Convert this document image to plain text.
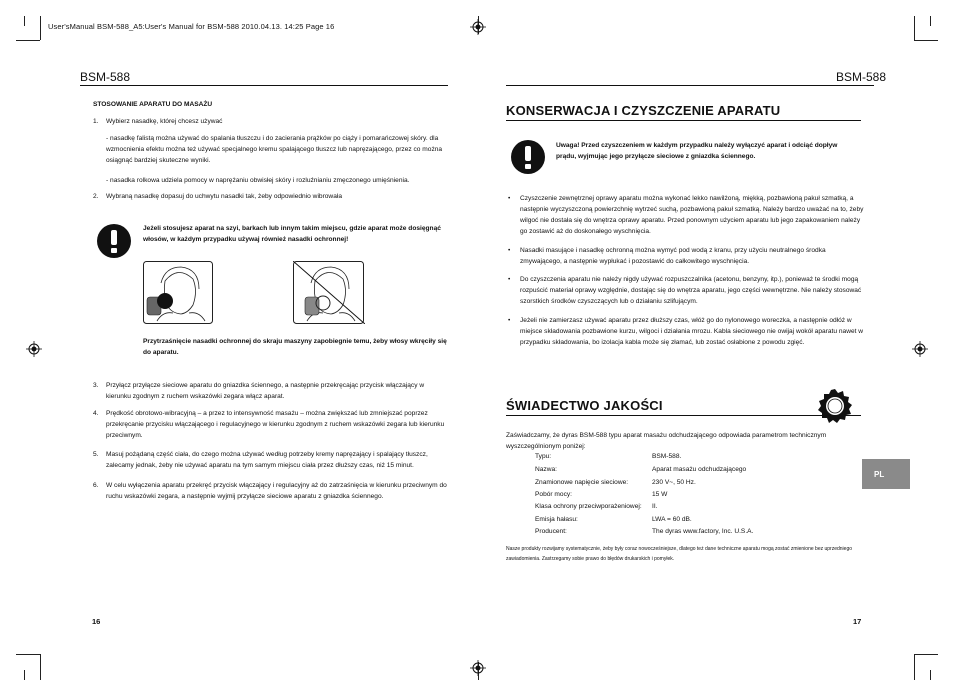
User'sManual BSM-588_A5:User's Manual for BSM-588 2010.04.13. 14:25 Page 16
BSM-588
STOSOWANIE APARATU DO MASAŻU
1. Wybierz nasadkę, której chcesz używać
- nasadkę falistą można używać do spalania tłuszczu i do zacierania prążków po ciąży i pomarańczowej skóry. dla wzmocnienia efektu można też używać specjalnego kremu spalającego tłuszcz lub napręzającego, przez co można osiągnąć bardziej skuteczne wyniki.
- nasadka rolkowa udziela pomocy w naprężaniu obwisłej skóry i rozluźnianiu zmęczonego umięśnienia.
2. Wybraną nasadkę dopasuj do uchwytu nasadki tak, żeby odpowiednio wibrowała
Jeżeli stosujesz aparat na szyi, barkach lub innym takim miejscu, gdzie aparat może dosięgnąć włosów, w każdym przypadku używaj również nasadki ochronnej!
Przytrzaśnięcie nasadki ochronnej do skraju maszyny zapobiegnie temu, żeby włosy wkręciły się do aparatu.
3. Przyłącz przyłącze sieciowe aparatu do gniazdka ściennego, a następnie przekręcając przycisk włączający w kierunku zgodnym z ruchem wskazówki zegara włącz aparat.
4. Prędkość obrotowo-wibracyjną – a przez to intensywność masażu – można zwiększać lub zmniejszać poprzez przekręcanie przycisku włączającego i regulacyjnego w kierunku zgodnym z ruchem wskazówki zegara lub kierunku przeciwnym.
5. Masuj pożądaną część ciała, do czego można używać według potrzeby kremy napręzający i spalający tłuszcz, zalecamy jednak, żeby nie używać aparatu na tym samym miejscu ciała przez dłuższy czas, niż 15 minut.
6. W celu wyłączenia aparatu przekręć przycisk włączający i regulacyjny aż do zatrzaśnięcia w kierunku przeciwnym do ruchu wskazówki zegara, a następnie wyjmij przyłącze sieciowe aparatu z gniazdka ściennego.
16
BSM-588
KONSERWACJA I CZYSZCZENIE APARATU
Uwaga! Przed czyszczeniem w każdym przypadku należy wyłączyć aparat i odciąć dopływ prądu, wyjmując jego przyłącze sieciowe z gniazdka ściennego.
• Czyszczenie zewnętrznej oprawy aparatu można wykonać lekko nawilżoną, miękką, pozbawioną pakuł szmatką, a następnie wyczyszczoną powierzchnię wytrzeć suchą, pozbawioną pakuł szmatką. Należy bardzo uważać na to, żeby wilgoć nie dostała się do wnętrza oprawy aparatu. Przed ponownym użyciem aparatu lub jego zapakowaniem należy go zostawić aż do doskonałego wyschnięcia.
• Nasadki masujące i nasadkę ochronną można wymyć pod wodą z kranu, przy użyciu neutralnego środka zmywającego, a następnie wypłukać i pozostawić do całkowitego wyschnięcia.
• Do czyszczenia aparatu nie należy nigdy używać rozpuszczalnika (acetonu, benzyny, itp.), ponieważ te środki mogą rozpuścić materiał oprawy względnie, dostając się do wnętrza aparatu, jego części wewnętrzne. Nie należy stosować szorstkich środków czyszczących lub o działaniu szlifującym.
• Jeżeli nie zamierzasz używać aparatu przez dłuższy czas, włóż go do nylonowego woreczka, a następnie odłóż w miejsce składowania pozbawione kurzu, wilgoci i działania mrozu. Kabla sieciowego nie owijaj wokół aparatu nawet w przypadku składowania, bo izolacja kabla może się złamać, lub zostać osłabione z powodu zgięć.
ŚWIADECTWO JAKOŚCI
Zaświadczamy, że dyras BSM-588 typu aparat masażu odchudzającego odpowiada parametrom technicznym wyszczególnionym poniżej:
Typu:	BSM-588.
Nazwa:	Aparat masażu odchudzającego
Znamionowe napięcie sieciowe:	230 V~, 50 Hz.
Pobór mocy:	15 W
Klasa ochrony przeciwporażeniowej: II.
Emisja hałasu:	LWA = 60 dB.
Producent:	The dyras www.factory, Inc. U.S.A.
Nasze produkty rozwijamy systematycznie, żeby były coraz nowocześniejsze, dlatego też dane techniczne aparatu mogą zostać zmienione bez uprzedniego zawiadomienia. Zastrzegamy sobie prawo do błędów drukarskich i pomyłek.
PL
17
